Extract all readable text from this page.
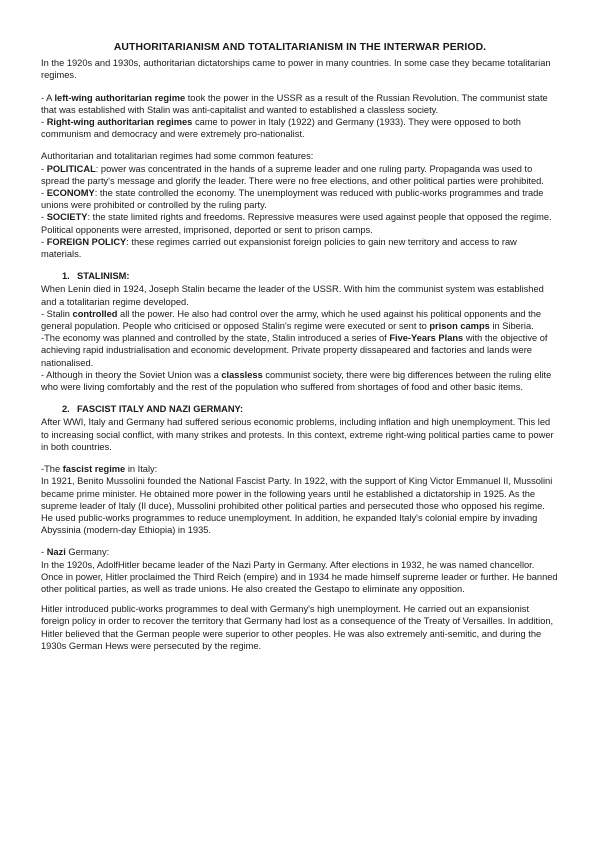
AUTHORITARIANISM AND TOTALITARIANISM IN THE INTERWAR PERIOD.

In the 1920s and 1930s, authoritarian dictatorships came to power in many countries. In some case they became totalitarian regimes.

- A left-wing authoritarian regime took the power in the USSR as a result of the Russian Revolution. The communist state that was established with Stalin was anti-capitalist and wanted to established a classless society.

- Right-wing authoritarian regimes came to power in Italy (1922) and Germany (1933). They were opposed to both communism and democracy and were extremely pro-nationalist.

Authoritarian and totalitarian regimes had some common features:

- POLITICAL: power was concentrated in the hands of a supreme leader and one ruling party. Propaganda was used to spread the party's message and glorify the leader. There were no free elections, and other political parties were prohibited.

- ECONOMY: the state controlled the economy. The unemployment was reduced with public-works programmes and trade unions were prohibited or controlled by the ruling party.

- SOCIETY: the state limited rights and freedoms. Repressive measures were used against people that opposed the regime. Political opponents were arrested, imprisoned, deported or sent to prison camps.

- FOREIGN POLICY: these regimes carried out expansionist foreign policies to gain new territory and access to raw materials.

1. STALINISM:

When Lenin died in 1924, Joseph Stalin became the leader of the USSR. With him the communist system was established and a totalitarian regime developed.

- Stalin controlled all the power. He also had control over the army, which he used against his political opponents and the general population. People who criticised or opposed Stalin's regime were executed or sent to prison camps in Siberia.

-The economy was planned and controlled by the state, Stalin introduced a series of Five-Years Plans with the objective of achieving rapid industrialisation and economic development. Private property dissapeared and factories and lands were nationalised.

- Although in theory the Soviet Union was a classless communist society, there were big differences between the ruling elite who were living comfortably and the rest of the population who suffered from shortages of food and other basic items.

2. FASCIST ITALY AND NAZI GERMANY:

After WWI, Italy and Germany had suffered serious economic problems, including inflation and high unemployment. This led to increasing social conflict, with many strikes and protests. In this context, extreme right-wing political parties came to power in both countries.

-The fascist regime in Italy:

In 1921, Benito Mussolini founded the National Fascist Party. In 1922, with the support of King Victor Emmanuel II, Mussolini became prime minister. He obtained more power in the following years until he established a dictatorship in 1925. As the supreme leader of Italy (Il duce), Mussolini prohibited other political parties and persecuted those who opposed his regime. He used public-works programmes to reduce unemployment. In addition, he expanded Italy's colonial empire by invading Abyssinia (modern-day Ethiopia) in 1935.

- Nazi Germany:

In the 1920s, AdolfHitler became leader of the Nazi Party in Germany. After elections in 1932, he was named chancellor. Once in power, Hitler proclaimed the Third Reich (empire) and in 1934 he made himself supreme leader or further. He banned other political parties, as well as trade unions. He also created the Gestapo to eliminate any opposition.

Hitler introduced public-works programmes to deal with Germany's high unemployment. He carried out an expansionist foreign policy in order to recover the territory that Germany had lost as a consequence of the Treaty of Versailles. In addition, Hitler believed that the German people were superior to other peoples. He was also extremely anti-semitic, and during the 1930s German Hews were persecuted by the regime.
